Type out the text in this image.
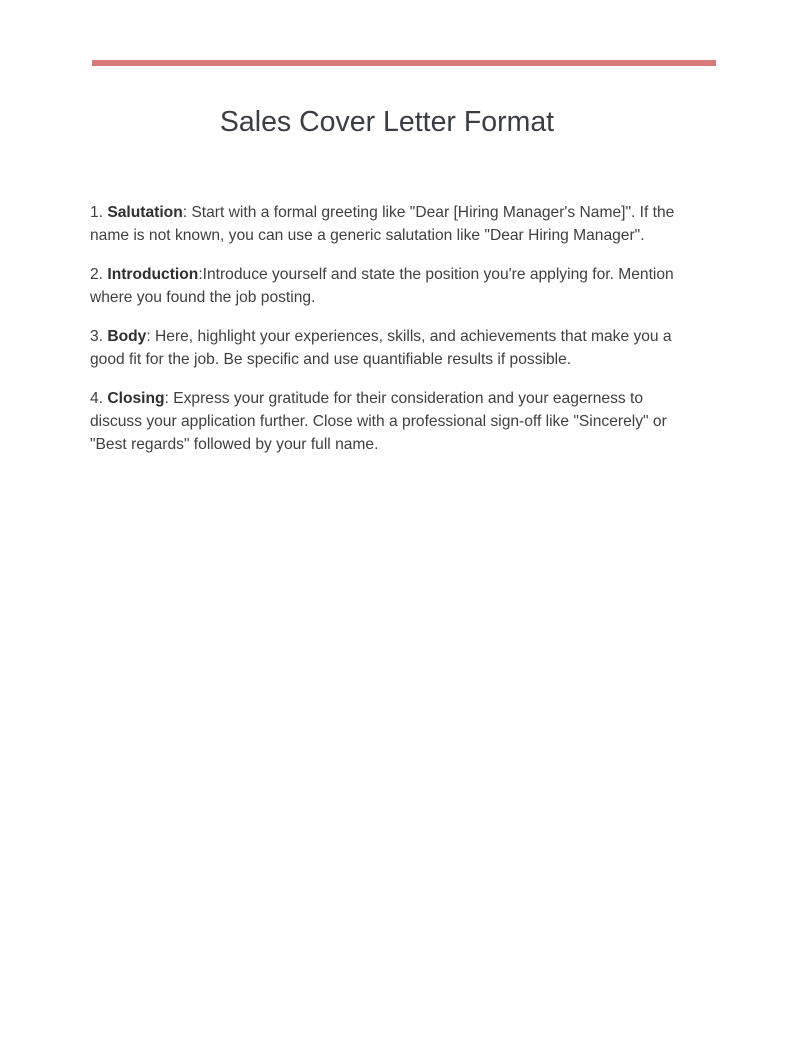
Sales Cover Letter Format
1. Salutation: Start with a formal greeting like "Dear [Hiring Manager's Name]". If the name is not known, you can use a generic salutation like "Dear Hiring Manager".
2. Introduction:Introduce yourself and state the position you're applying for. Mention where you found the job posting.
3. Body: Here, highlight your experiences, skills, and achievements that make you a good fit for the job. Be specific and use quantifiable results if possible.
4. Closing: Express your gratitude for their consideration and your eagerness to discuss your application further. Close with a professional sign-off like "Sincerely" or "Best regards" followed by your full name.
